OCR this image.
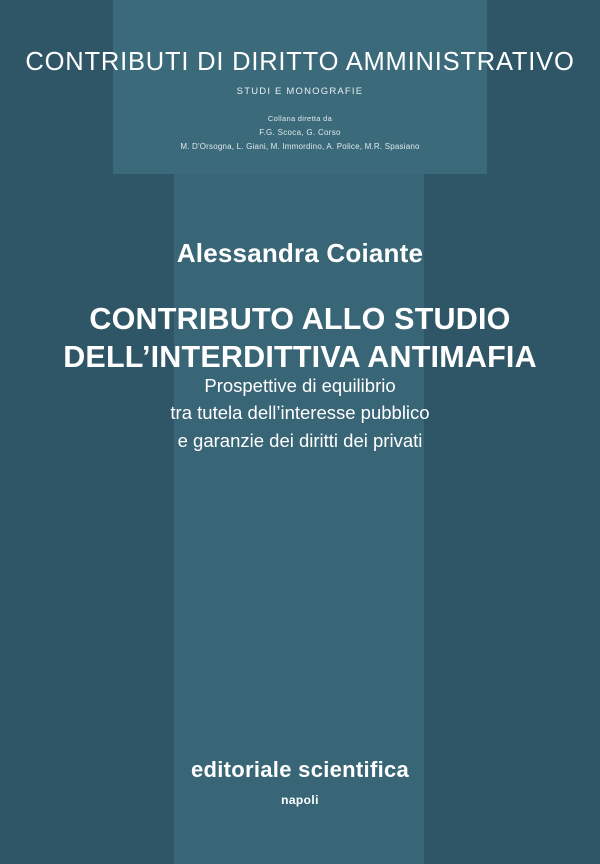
CONTRIBUTI DI DIRITTO AMMINISTRATIVO
STUDI E MONOGRAFIE
Collana diretta da
F.G. Scoca, G. Corso
M. D'Orsogna, L. Giani, M. Immordino, A. Police, M.R. Spasiano
Alessandra Coiante
CONTRIBUTO ALLO STUDIO
DELL’INTERDITTIVA ANTIMAFIA
Prospettive di equilibrio
tra tutela dell’interesse pubblico
e garanzie dei diritti dei privati
editoriale scientifica
napoli
